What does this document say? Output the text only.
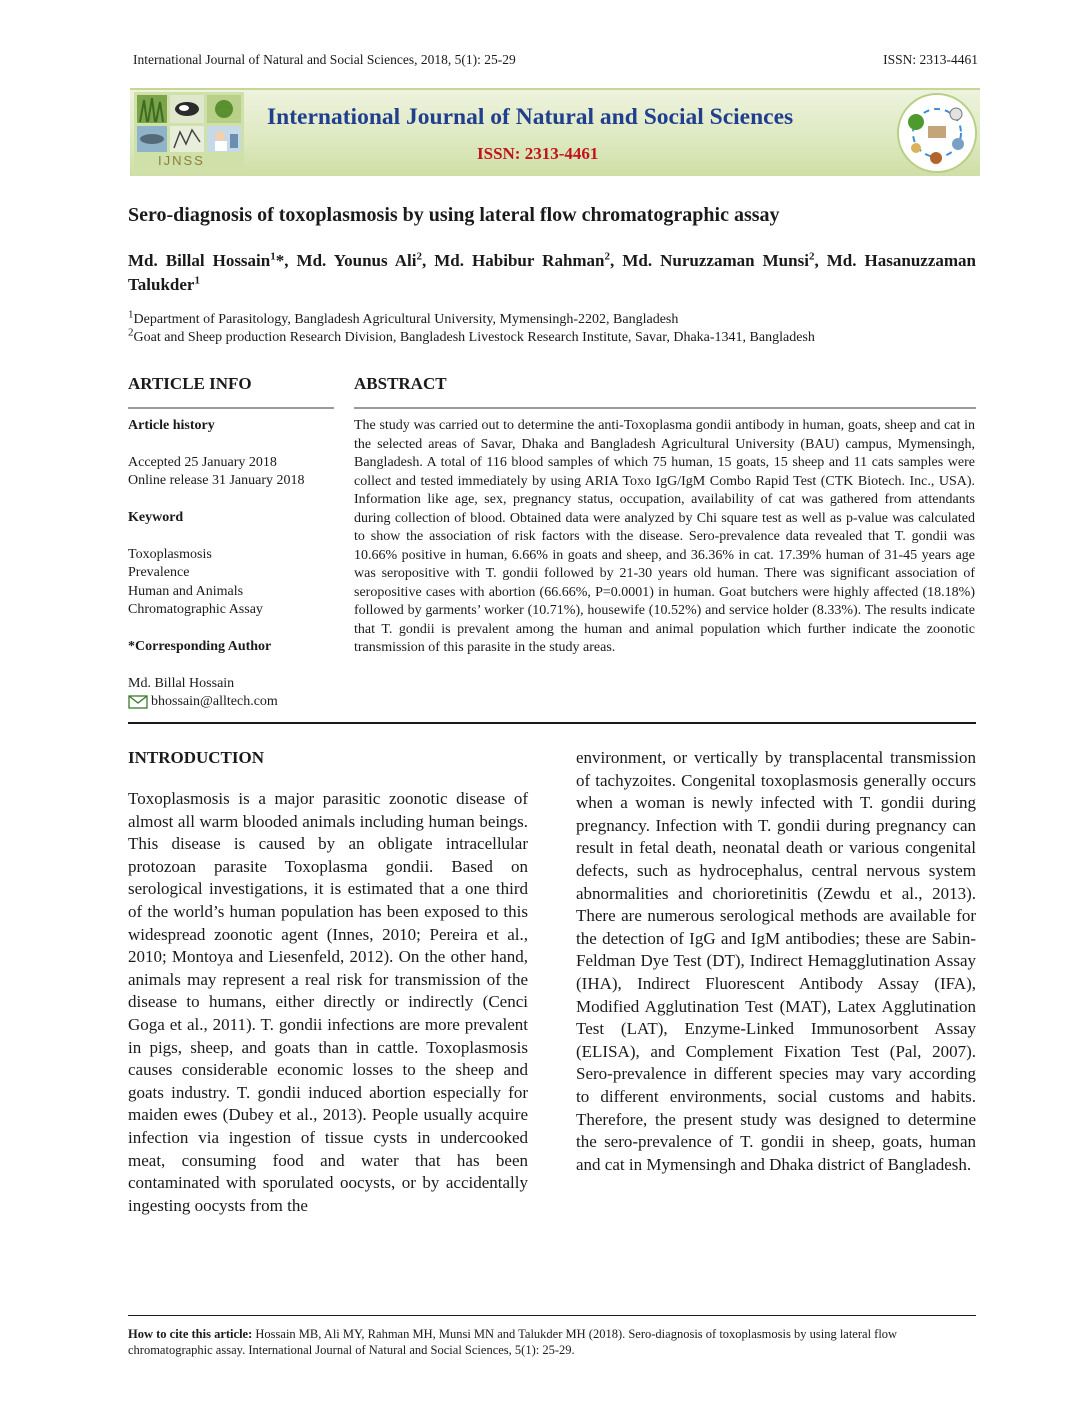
International Journal of Natural and Social Sciences, 2018, 5(1): 25-29	ISSN: 2313-4461
IJNSS
International Journal of Natural and Social Sciences
ISSN: 2313-4461
Sero-diagnosis of toxoplasmosis by using lateral flow chromatographic assay
Md. Billal Hossain$^1$*, Md. Younus Ali$^2$, Md. Habibur Rahman$^2$, Md. Nuruzzaman Munsi$^2$, Md. Hasanuzzaman Talukder$^1$
$^1$Department of Parasitology, Bangladesh Agricultural University, Mymensingh-2202, Bangladesh
$^2$Goat and Sheep production Research Division, Bangladesh Livestock Research Institute, Savar, Dhaka-1341, Bangladesh
ARTICLE INFO	ABSTRACT
Article history
Accepted 25 January 2018
Online release 31 January 2018
Keyword
Toxoplasmosis
Prevalence
Human and Animals
Chromatographic Assay
*Corresponding Author
Md. Billal Hossain
bhossain@alltech.com
The study was carried out to determine the anti-Toxoplasma gondii antibody in human, goats, sheep and cat in the selected areas of Savar, Dhaka and Bangladesh Agricultural University (BAU) campus, Mymensingh, Bangladesh. A total of 116 blood samples of which 75 human, 15 goats, 15 sheep and 11 cats samples were collect and tested immediately by using ARIA Toxo IgG/IgM Combo Rapid Test (CTK Biotech. Inc., USA). Information like age, sex, pregnancy status, occupation, availability of cat was gathered from attendants during collection of blood. Obtained data were analyzed by Chi square test as well as p-value was calculated to show the association of risk factors with the disease. Sero-prevalence data revealed that T. gondii was 10.66% positive in human, 6.66% in goats and sheep, and 36.36% in cat. 17.39% human of 31-45 years age was seropositive with T. gondii followed by 21-30 years old human. There was significant association of seropositive cases with abortion (66.66%, P=0.0001) in human. Goat butchers were highly affected (18.18%) followed by garments’ worker (10.71%), housewife (10.52%) and service holder (8.33%). The results indicate that T. gondii is prevalent among the human and animal population which further indicate the zoonotic transmission of this parasite in the study areas.
INTRODUCTION
Toxoplasmosis is a major parasitic zoonotic disease of almost all warm blooded animals including human beings. This disease is caused by an obligate intracellular protozoan parasite Toxoplasma gondii. Based on serological investigations, it is estimated that a one third of the world’s human population has been exposed to this widespread zoonotic agent (Innes, 2010; Pereira et al., 2010; Montoya and Liesenfeld, 2012). On the other hand, animals may represent a real risk for transmission of the disease to humans, either directly or indirectly (Cenci Goga et al., 2011). T. gondii infections are more prevalent in pigs, sheep, and goats than in cattle. Toxoplasmosis causes considerable economic losses to the sheep and goats industry. T. gondii induced abortion especially for maiden ewes (Dubey et al., 2013). People usually acquire infection via ingestion of tissue cysts in undercooked meat, consuming food and water that has been contaminated with sporulated oocysts, or by accidentally ingesting oocysts from the
environment, or vertically by transplacental transmission of tachyzoites. Congenital toxoplasmosis generally occurs when a woman is newly infected with T. gondii during pregnancy. Infection with T. gondii during pregnancy can result in fetal death, neonatal death or various congenital defects, such as hydrocephalus, central nervous system abnormalities and chorioretinitis (Zewdu et al., 2013). There are numerous serological methods are available for the detection of IgG and IgM antibodies; these are Sabin-Feldman Dye Test (DT), Indirect Hemagglutination Assay (IHA), Indirect Fluorescent Antibody Assay (IFA), Modified Agglutination Test (MAT), Latex Agglutination Test (LAT), Enzyme-Linked Immunosorbent Assay (ELISA), and Complement Fixation Test (Pal, 2007). Sero-prevalence in different species may vary according to different environments, social customs and habits. Therefore, the present study was designed to determine the sero-prevalence of T. gondii in sheep, goats, human and cat in Mymensingh and Dhaka district of Bangladesh.
How to cite this article: Hossain MB, Ali MY, Rahman MH, Munsi MN and Talukder MH (2018). Sero-diagnosis of toxoplasmosis by using lateral flow chromatographic assay. International Journal of Natural and Social Sciences, 5(1): 25-29.
